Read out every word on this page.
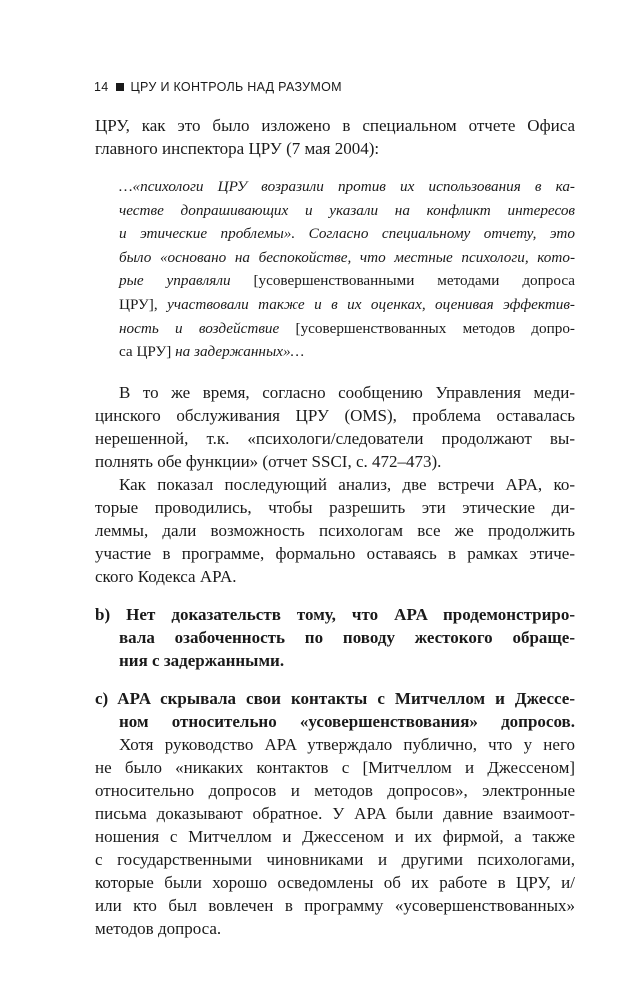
14 ЦРУ И КОНТРОЛЬ НАД РАЗУМОМ
ЦРУ, как это было изложено в специальном отчете Офиса
главного инспектора ЦРУ (7 мая 2004):
…«психологи ЦРУ возразили против их использования в ка-
честве допрашивающих и указали на конфликт интересов
и этические проблемы». Согласно специальному отчету, это
было «основано на беспокойстве, что местные психологи, кото-
рые управляли [усовершенствованными методами допроса
ЦРУ], участвовали также и в их оценках, оценивая эффектив-
ность и воздействие [усовершенствованных методов допро-
са ЦРУ] на задержанных»…
В то же время, согласно сообщению Управления меди-
цинского обслуживания ЦРУ (OMS), проблема оставалась
нерешенной, т.к. «психологи/следователи продолжают вы-
полнять обе функции» (отчет SSCI, с. 472–473).
Как показал последующий анализ, две встречи APA, ко-
торые проводились, чтобы разрешить эти этические ди-
леммы, дали возможность психологам все же продолжить
участие в программе, формально оставаясь в рамках этиче-
ского Кодекса APA.
b) Нет доказательств тому, что APA продемонстриро-
вала озабоченность по поводу жестокого обраще-
ния с задержанными.
c) APA скрывала свои контакты с Митчеллом и Джессе-
ном относительно «усовершенствования» допросов.
Хотя руководство APA утверждало публично, что у него
не было «никаких контактов с [Митчеллом и Джессеном]
относительно допросов и методов допросов», электронные
письма доказывают обратное. У APA были давние взаимоот-
ношения с Митчеллом и Джессеном и их фирмой, а также
с государственными чиновниками и другими психологами,
которые были хорошо осведомлены об их работе в ЦРУ, и/
или кто был вовлечен в программу «усовершенствованных»
методов допроса.
